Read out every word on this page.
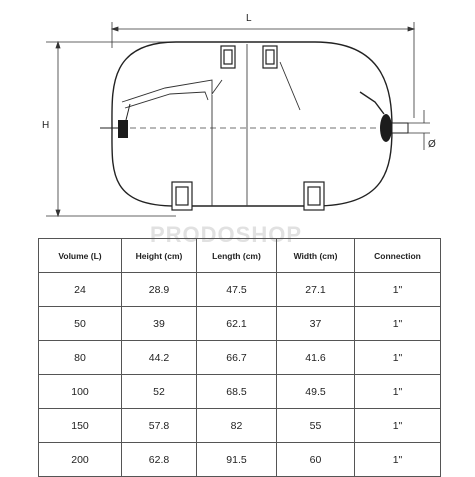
L
H
Ø
PRODOSHOP
Volume (L)	Height (cm)	Length (cm)	Width (cm)	Connection
24	28.9	47.5	27.1	1"
50	39	62.1	37	1"
80	44.2	66.7	41.6	1"
100	52	68.5	49.5	1"
150	57.8	82	55	1"
200	62.8	91.5	60	1"
